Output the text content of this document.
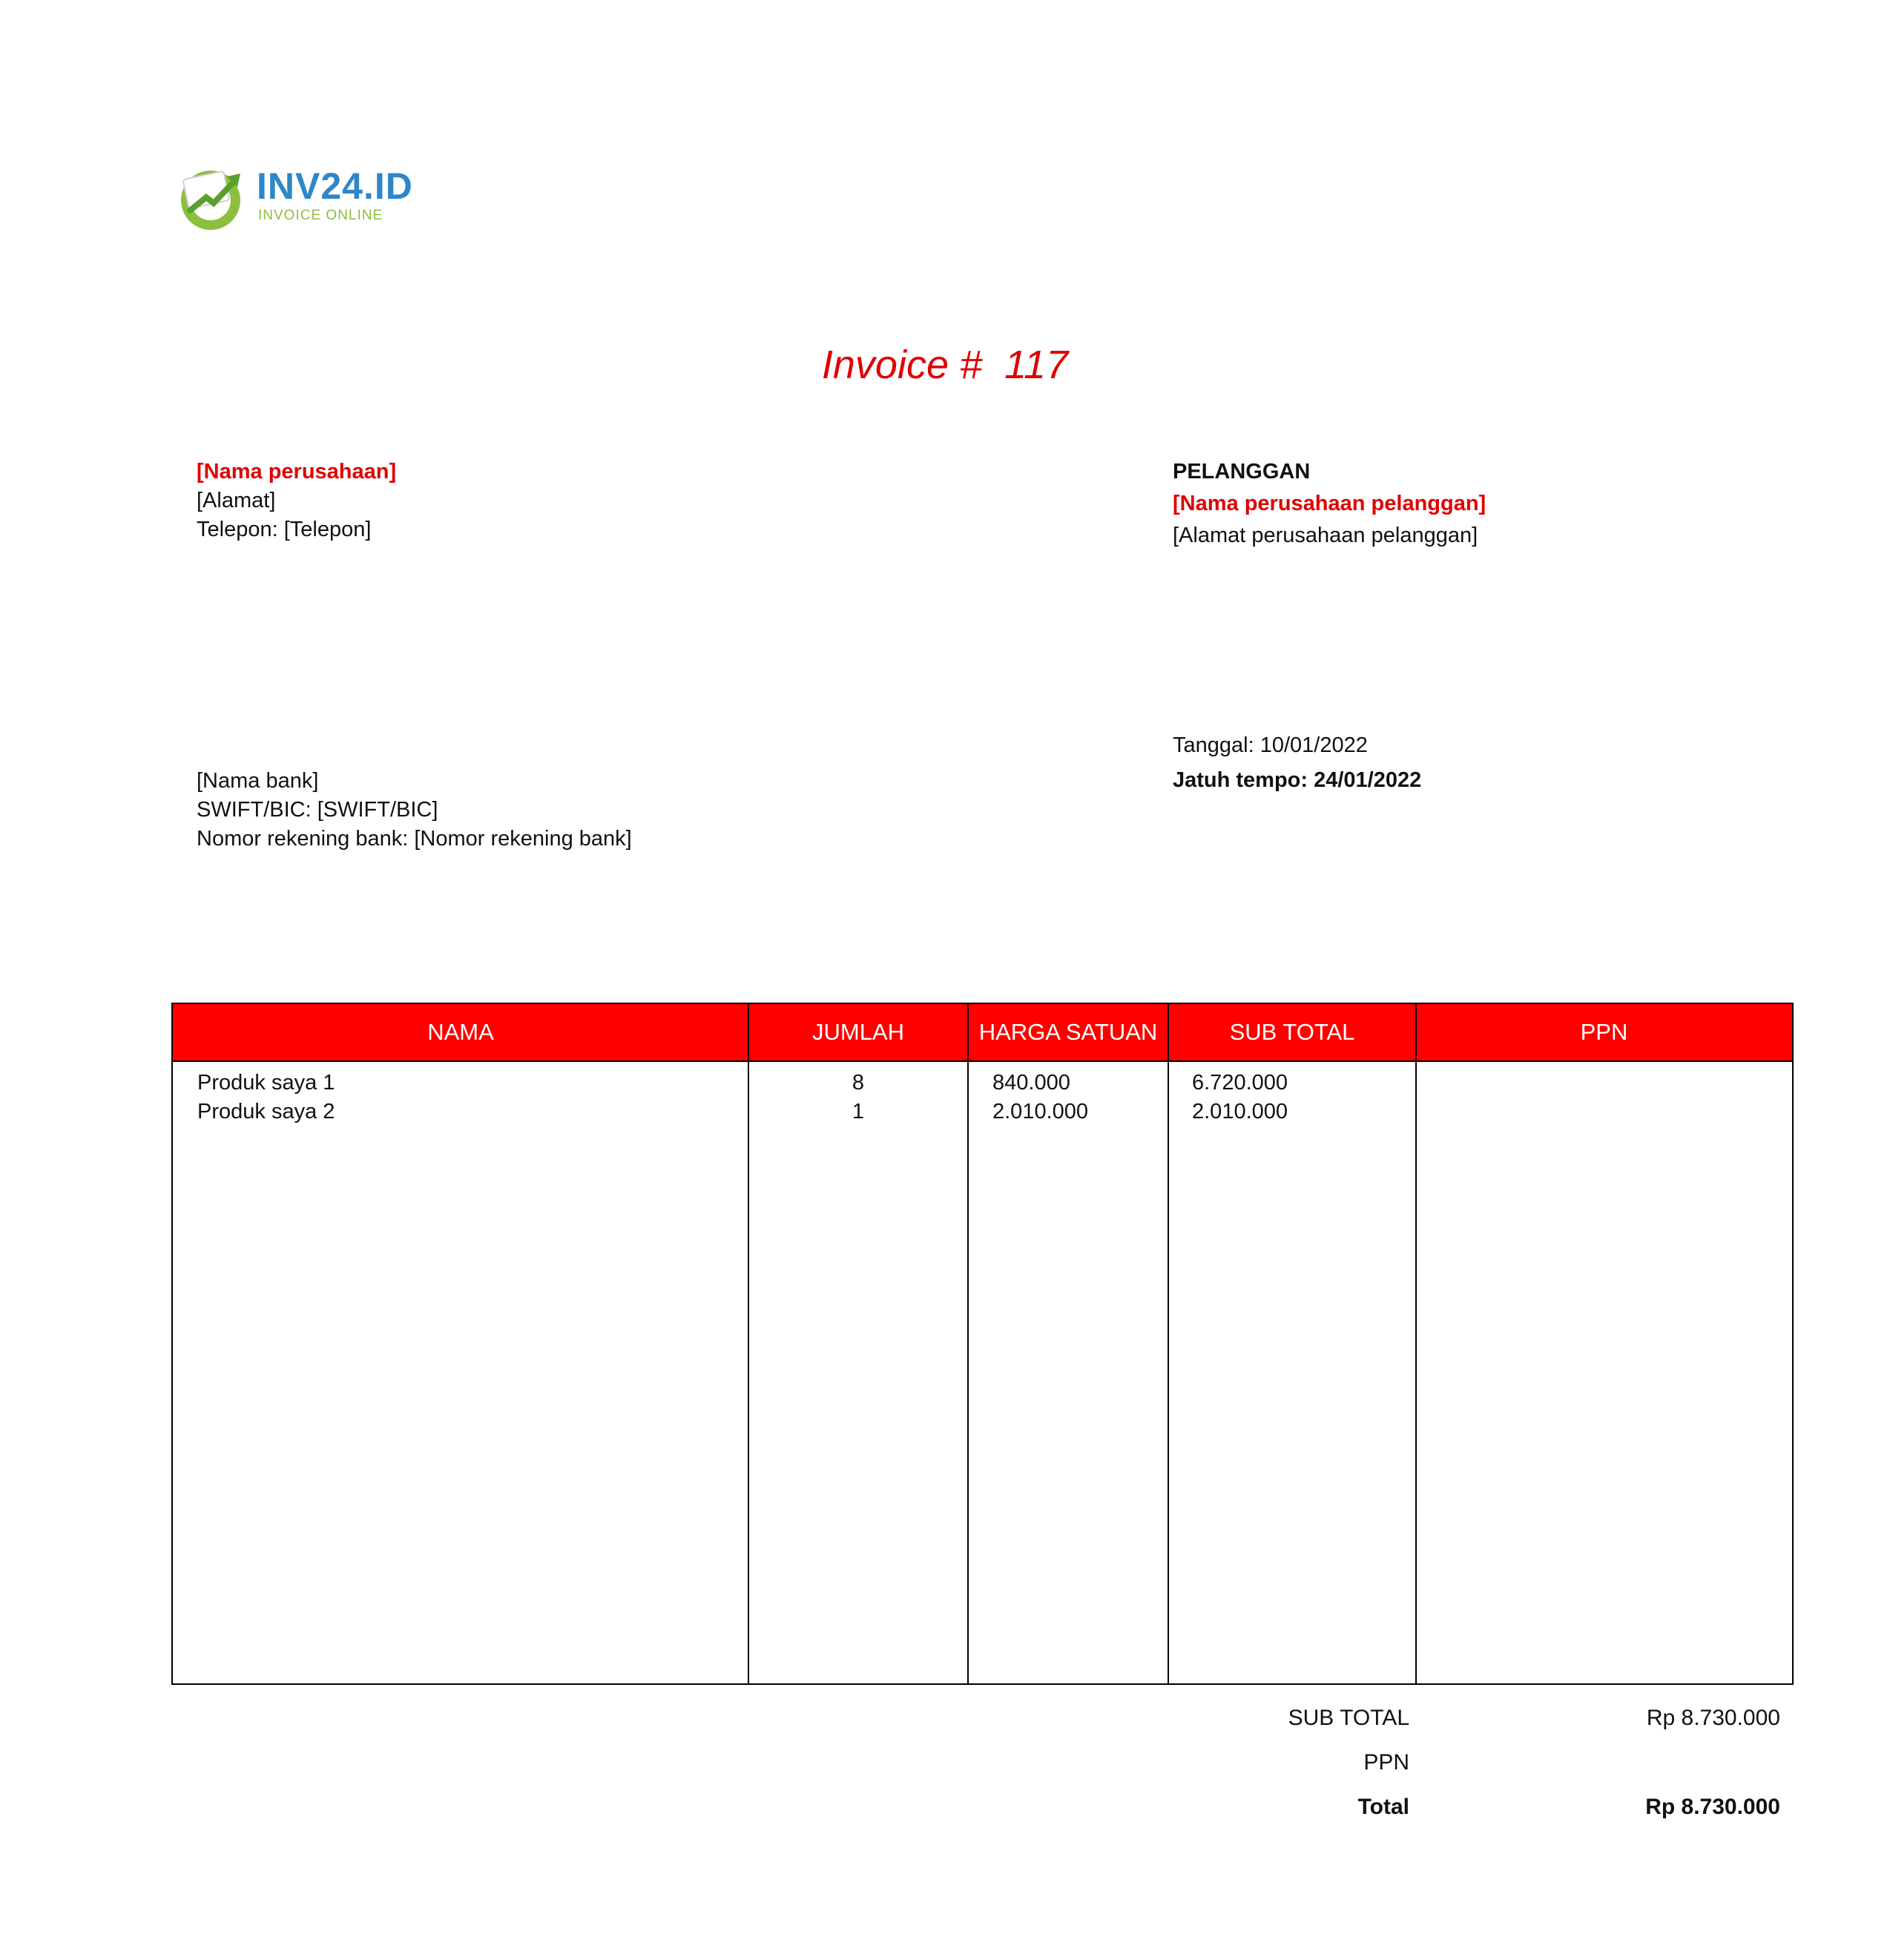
INV24.ID
INVOICE ONLINE
Invoice # 117
[Nama perusahaan]
[Alamat]
Telepon: [Telepon]
PELANGGAN
[Nama perusahaan pelanggan]
[Alamat perusahaan pelanggan]
[Nama bank]
SWIFT/BIC: [SWIFT/BIC]
Nomor rekening bank: [Nomor rekening bank]
Tanggal: 10/01/2022
Jatuh tempo: 24/01/2022
NAMA	JUMLAH	HARGA SATUAN	SUB TOTAL	PPN
Produk saya 1	8	840.000	6.720.000
Produk saya 2	1	2.010.000	2.010.000
SUB TOTAL	Rp 8.730.000
PPN
Total	Rp 8.730.000
